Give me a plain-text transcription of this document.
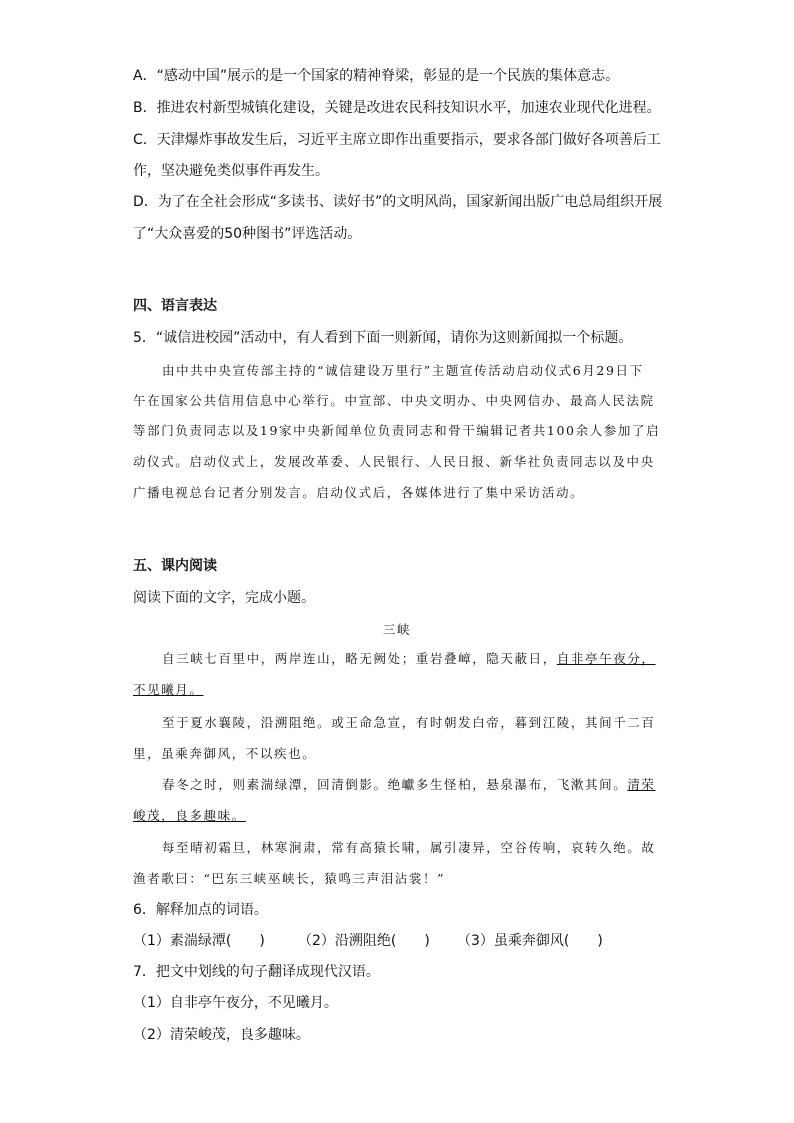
A．“感动中国”展示的是一个国家的精神脊梁，彰显的是一个民族的集体意志。
B．推进农村新型城镇化建设，关键是改进农民科技知识水平，加速农业现代化进程。
C．天津爆炸事故发生后，习近平主席立即作出重要指示，要求各部门做好各项善后工
作，坚决避免类似事件再发生。
D．为了在全社会形成“多读书、读好书”的文明风尚，国家新闻出版广电总局组织开展
了“大众喜爱的50种图书”评选活动。
四、语言表达
5．“诚信进校园”活动中，有人看到下面一则新闻，请你为这则新闻拟一个标题。
由中共中央宣传部主持的“诚信建设万里行”主题宣传活动启动仪式6月29日下
午在国家公共信用信息中心举行。中宣部、中央文明办、中央网信办、最高人民法院
等部门负责同志以及19家中央新闻单位负责同志和骨干编辑记者共100余人参加了启
动仪式。启动仪式上，发展改革委、人民银行、人民日报、新华社负责同志以及中央
广播电视总台记者分别发言。启动仪式后，各媒体进行了集中采访活动。
五、课内阅读
阅读下面的文字，完成小题。
三峡
自三峡七百里中，两岸连山，略无阙处；重岩叠嶂，隐天蔽日，自非亭午夜分，
不见曦月。
至于夏水襄陵，沿溯阻绝。或王命急宣，有时朝发白帝，暮到江陵，其间千二百
里，虽乘奔御风，不以疾也。
春冬之时，则素湍绿潭，回清倒影。绝巘多生怪柏，悬泉瀑布，飞漱其间。清荣
峻茂，良多趣味。
每至晴初霜旦，林寒涧肃，常有高猿长啸，属引凄异，空谷传响，哀转久绝。故
渔者歌曰：“巴东三峡巫峡长，猿鸣三声泪沾裳！”
6．解释加点的词语。
（1）素湍绿潭(　　) （2）沿溯阻绝(　　) （3）虽乘奔御风(　　)
7．把文中划线的句子翻译成现代汉语。
（1）自非亭午夜分，不见曦月。
（2）清荣峻茂，良多趣味。
